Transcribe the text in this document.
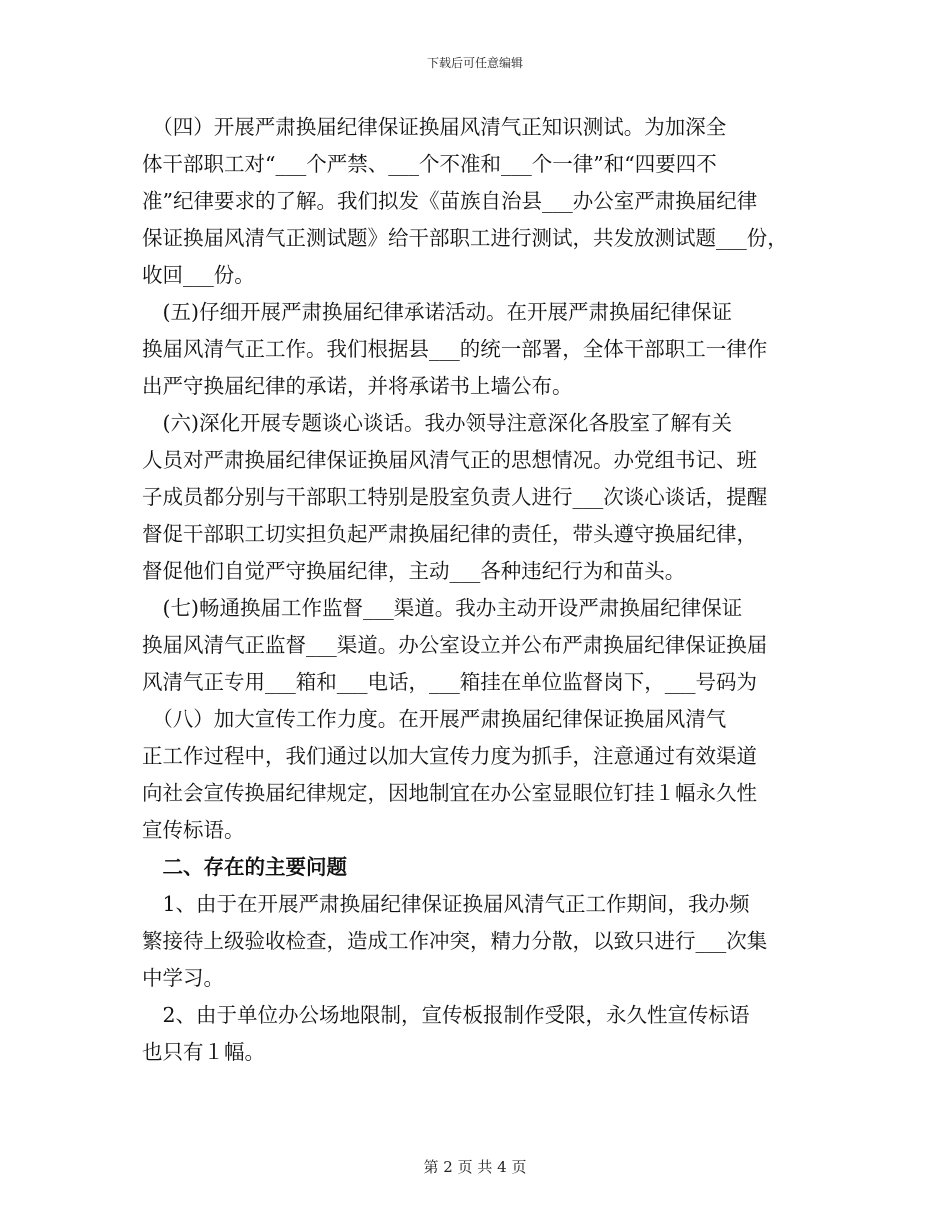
下载后可任意编辑
　（四）开展严肃换届纪律保证换届风清气正知识测试。为加深全
体干部职工对“___个严禁、___个不准和___个一律”和“四要四不
准”纪律要求的了解。我们拟发《苗族自治县___办公室严肃换届纪律
保证换届风清气正测试题》给干部职工进行测试，共发放测试题___份，
收回___份。
　(五)仔细开展严肃换届纪律承诺活动。在开展严肃换届纪律保证
换届风清气正工作。我们根据县___的统一部署，全体干部职工一律作
出严守换届纪律的承诺，并将承诺书上墙公布。
　(六)深化开展专题谈心谈话。我办领导注意深化各股室了解有关
人员对严肃换届纪律保证换届风清气正的思想情况。办党组书记、班
子成员都分别与干部职工特别是股室负责人进行___次谈心谈话，提醒
督促干部职工切实担负起严肃换届纪律的责任，带头遵守换届纪律，
督促他们自觉严守换届纪律，主动___各种违纪行为和苗头。
　(七)畅通换届工作监督___渠道。我办主动开设严肃换届纪律保证
换届风清气正监督___渠道。办公室设立并公布严肃换届纪律保证换届
风清气正专用___箱和___电话，___箱挂在单位监督岗下，___号码为
　（八）加大宣传工作力度。在开展严肃换届纪律保证换届风清气
正工作过程中，我们通过以加大宣传力度为抓手，注意通过有效渠道
向社会宣传换届纪律规定，因地制宜在办公室显眼位钉挂１幅永久性
宣传标语。
　二、存在的主要问题
　1、由于在开展严肃换届纪律保证换届风清气正工作期间，我办频
繁接待上级验收检查，造成工作冲突，精力分散，以致只进行___次集
中学习。
　2、由于单位办公场地限制，宣传板报制作受限，永久性宣传标语
也只有１幅。
第 2 页 共 4 页
